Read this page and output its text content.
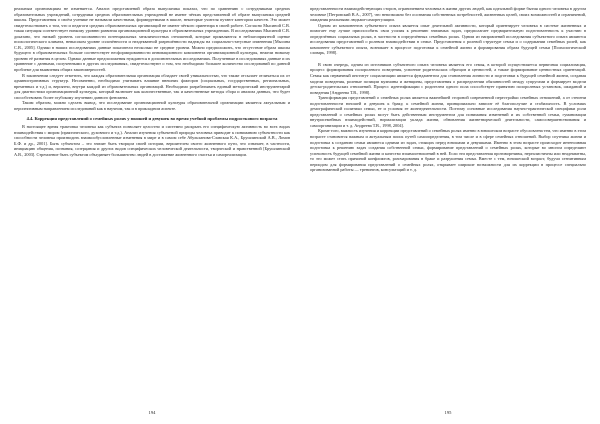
реальным организациям не изменяется. Анализ представлений образа выпускника показал, что по сравнению с сотрудниками средних образовательных учреждений, сотрудники средних образовательных учреждений не имеют чётких представлений об образе выпускника средней школы. Представления о своём ученике не называли качествами, формируемыми в школе, некоторые учителя путают категории качеств. Это может свидетельствовать о том, что и педагоги средних образовательных организаций не имеют чёткого ориентира в своей работе. Согласно Мысиной С.В. такая ситуация соответствует низкому уровню развития организационной культуры в образовательных учреждениях. В исследованиях Мысиной С.В. доказано, что низкий уровень согласованности потенциальных межличностных отношений, которые проявляются в неблагоприятной оценке психологического климата, невысоком уровне сплочённости и неадекватной разрешённости надежды на социально-статусные изменения [Мысина С.В., 2005]. Однако в наших исследованиях данные показатели несколько не средние уровни. Можно предположить, что отсутствие образа школы будущего в образовательных больше соответствует несформированности инновационного компонента организационной культуры, нежели низкому уровню её развития в целом. Однако данные предположения нуждаются в дополнительных исследованиях. Полученные в исследованиях данные и их сравнение с данными, полученными в других исследованиях, свидетельствуют о том, что необходимо большее количество исследований по данной проблеме для выявления общих закономерностей.

В заключении следует отметить, что каждая образовательная организация обладает своей уникальностью, что также отсылает отличаться их от административных структур. Несомненно, необходимо учитывать влияние внешних факторов (социальных, государственных, региональных, временных и т.д.) и, вероятно, внутри каждой из образовательных организаций. Необходимо разрабатывать единый методический инструментарий для диагностики организационной культуры, который включает как количественные, так и качественные методы сбора и анализа данных, что будет способствовать более глубокому изучению данного феномена.

Таким образом, можно сделать вывод, что исследование организационной культуры образовательной организации является актуальным и перспективным направлением исследований как в научном, так и в прикладном аспекте.

4.4. Коррекция представлений о семейных ролях у юношей и девушек во время учебной проблемы подросткового возраста

В настоящее время трактовка человека как субъекта позволяет целостно и системно раскрыть его специфическую активность во всех видах взаимодействия с миром (практического, духовного и т.д.). Анализ изучения субъектной природы человека приводит к пониманию субъектности как способности человека производить взаимообусловленные изменения в мире и в самом себе Абульханова-Славская К.А., Брушлинский А.В., Ломов Б.Ф. и др., 2001]. Быть субъектом – это значит быть творцом своей истории, вершителем своего жизненного пути, что означает, в частности, инициацию общения, познания, созерцания и других видов специфических человеческой деятельности, творческой и нравственной [Брушлинский А.В., 2003]. Стремление быть субъектом объединяет большинство людей в достижение жизненного счастья и самореализации.

194

представленности взаимодействующих сторон, ограничением человека в жизни других людей, как идеальной форме бытия одного человека в другом человеке [Петровский В.А., 2007], что невозможно без осознания собственных потребностей, жизненных целей, своих возможностей и ограничений, ожидания реальными людьми-саморегуляции.

Одним из компонентов субъектного опыта является опыт деятельной активности, который ориентирует человека в системе жизненных и помогает ему лучше приспособить свои усилия к решению значимых задач, предполагает предварительную подготовленность к участию в определённых социальных ролях, в частности в определённых семейных ролях. Одним из направлений исследования субъектного опыта являются исследования представлений о ролевом взаимодействии в семье. Представления о ролевой структуре семьи и о содержании семейных ролей, как компонент субъектного опыта, возникает в процессе подготовки к семейной жизни и формирования образа будущей семьи [Психологический словарь, 1998].

В свою очередь, одним из источников субъектного опыта человека является его семья, в которой осуществляется первичная социализация, процесс формирования полоролевого поведения, усвоение родительских образцов и ценностей, а также формирование ценностных ориентаций. Семья как первичный институт социализации является фундаментом для становления личности и подготовки к будущей семейной жизни, создавая модели поведения, ролевые позиции мужчины и женщины, представления о распределении обязанностей между супругами и формирует модели детско-родительских отношений. Процесс идентификации с родителем одного пола способствует принятию полоролевых установок, ожиданий и поведения [Андреева Т.В., 1998].

Трансформация представлений о семейных ролях является важнейшей стороной современной перестройки семейных отношений, а от степени подготовленности юношей и девушек к браку, к семейной жизни, принципиально зависит её благополучие и стабильность. В условиях демографической политики семьи, ее и условия ее жизнедеятельности. Поэтому основные исследования научно-практической специфики роли представлений о семейных ролях могут быть действенным инструментом для понимания изменений и их собственной семьи, гуманизации внутрисемейных взаимодействий, нормализации уклада жизни, обновления жизнетворческой деятельности, самосовершенствования и самоорганизации и т. д. Андреева Т.В., 1998, 2004].

Кроме того, важность изучения и коррекции представлений о семейных ролях именно в юношеском возрасте обусловлена тем, что именно в этом возрасте становится важным и актуальным поиск путей самоопределения, в том числе и в сфере семейных отношений. Выбор спутника жизни и подготовка к созданию семьи являются одними из задач, стоящих перед юношами и девушками. Именно в этом возрасте происходит интенсивная подготовка к решению задач создания собственной семьи, формирование представлений о семейных ролях, которые во многом определяют успешность будущей семейной жизни и качество взаимоотношений в ней. Если эти представления противоречивы, нереалистичны или неадекватны, то это может стать причиной конфликтов, разочарования в браке и разрушения семьи. Вместе с тем, юношеский возраст, будучи сензитивным периодом для формирования представлений о семейных ролях, открывает широкие возможности для их коррекции в процессе специально организованной работы — тренингов, консультаций и т. д.

195
